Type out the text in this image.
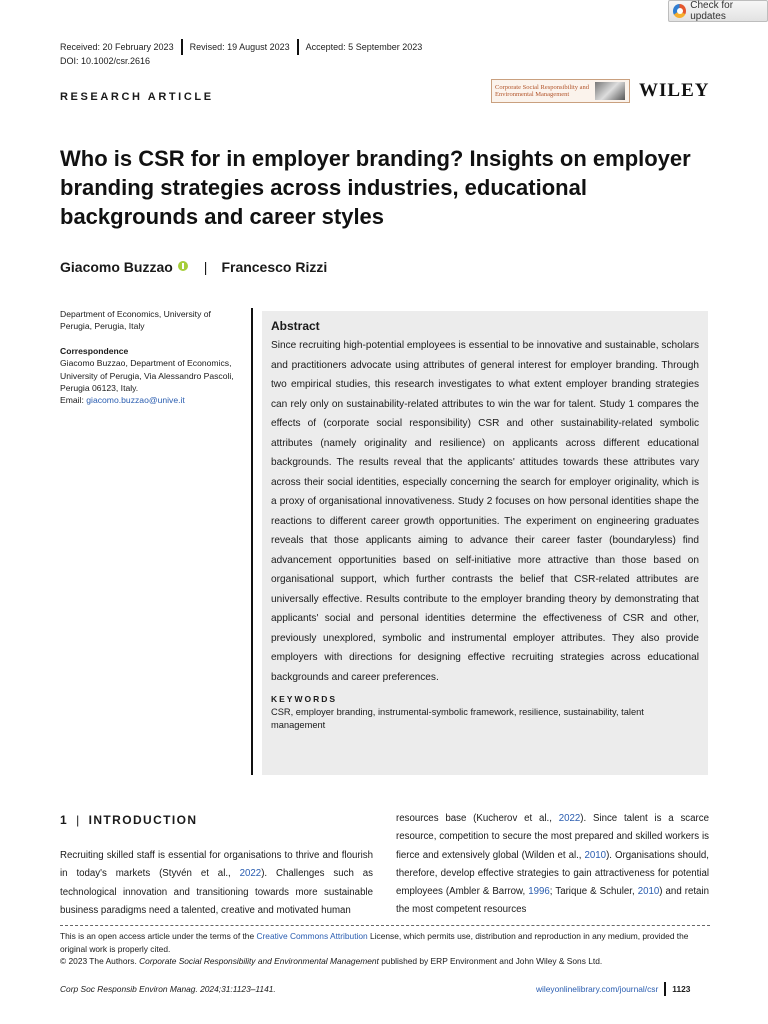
Check for updates
Received: 20 February 2023 Revised: 19 August 2023 Accepted: 5 September 2023
DOI: 10.1002/csr.2616
RESEARCH ARTICLE
Corporate Social Responsibility and
Environmental Management	WILEY
Who is CSR for in employer branding? Insights on employer branding strategies across industries, educational backgrounds and career styles
Giacomo Buzzao | Francesco Rizzi

Department of Economics, University of Perugia, Perugia, Italy

Correspondence
Giacomo Buzzao, Department of Economics, University of Perugia, Via Alessandro Pascoli, Perugia 06123, Italy.
Email: giacomo.buzzao@unive.it

Abstract
Since recruiting high-potential employees is essential to be innovative and sustainable, scholars and practitioners advocate using attributes of general interest for employer branding. Through two empirical studies, this research investigates to what extent employer branding strategies can rely only on sustainability-related attributes to win the war for talent. Study 1 compares the effects of (corporate social responsibility) CSR and other sustainability-related symbolic attributes (namely originality and resilience) on applicants across different educational backgrounds. The results reveal that the applicants' attitudes towards these attributes vary across their social identities, especially concerning the search for employer originality, which is a proxy of organisational innovativeness. Study 2 focuses on how personal identities shape the reactions to different career growth opportunities. The experiment on engineering graduates reveals that those applicants aiming to advance their career faster (boundaryless) find advancement opportunities based on self-initiative more attractive than those based on organisational support, which further contrasts the belief that CSR-related attributes are universally effective. Results contribute to the employer branding theory by demonstrating that applicants' social and personal identities determine the effectiveness of CSR and other, previously unexplored, symbolic and instrumental employer attributes. They also provide employers with directions for designing effective recruiting strategies across educational backgrounds and career preferences.
KEYWORDS
CSR, employer branding, instrumental-symbolic framework, resilience, sustainability, talent management
1 | INTRODUCTION
Recruiting skilled staff is essential for organisations to thrive and flourish in today's markets (Styvén et al., 2022). Challenges such as technological innovation and transitioning towards more sustainable business paradigms need a talented, creative and motivated human
resources base (Kucherov et al., 2022). Since talent is a scarce resource, competition to secure the most prepared and skilled workers is fierce and extensively global (Wilden et al., 2010). Organisations should, therefore, develop effective strategies to gain attractiveness for potential employees (Ambler & Barrow, 1996; Tarique & Schuler, 2010) and retain the most competent resources
This is an open access article under the terms of the Creative Commons Attribution License, which permits use, distribution and reproduction in any medium, provided the original work is properly cited.
© 2023 The Authors. Corporate Social Responsibility and Environmental Management published by ERP Environment and John Wiley & Sons Ltd.
Corp Soc Responsib Environ Manag. 2024;31:1123–1141.	wileyonlinelibrary.com/journal/csr 1123
